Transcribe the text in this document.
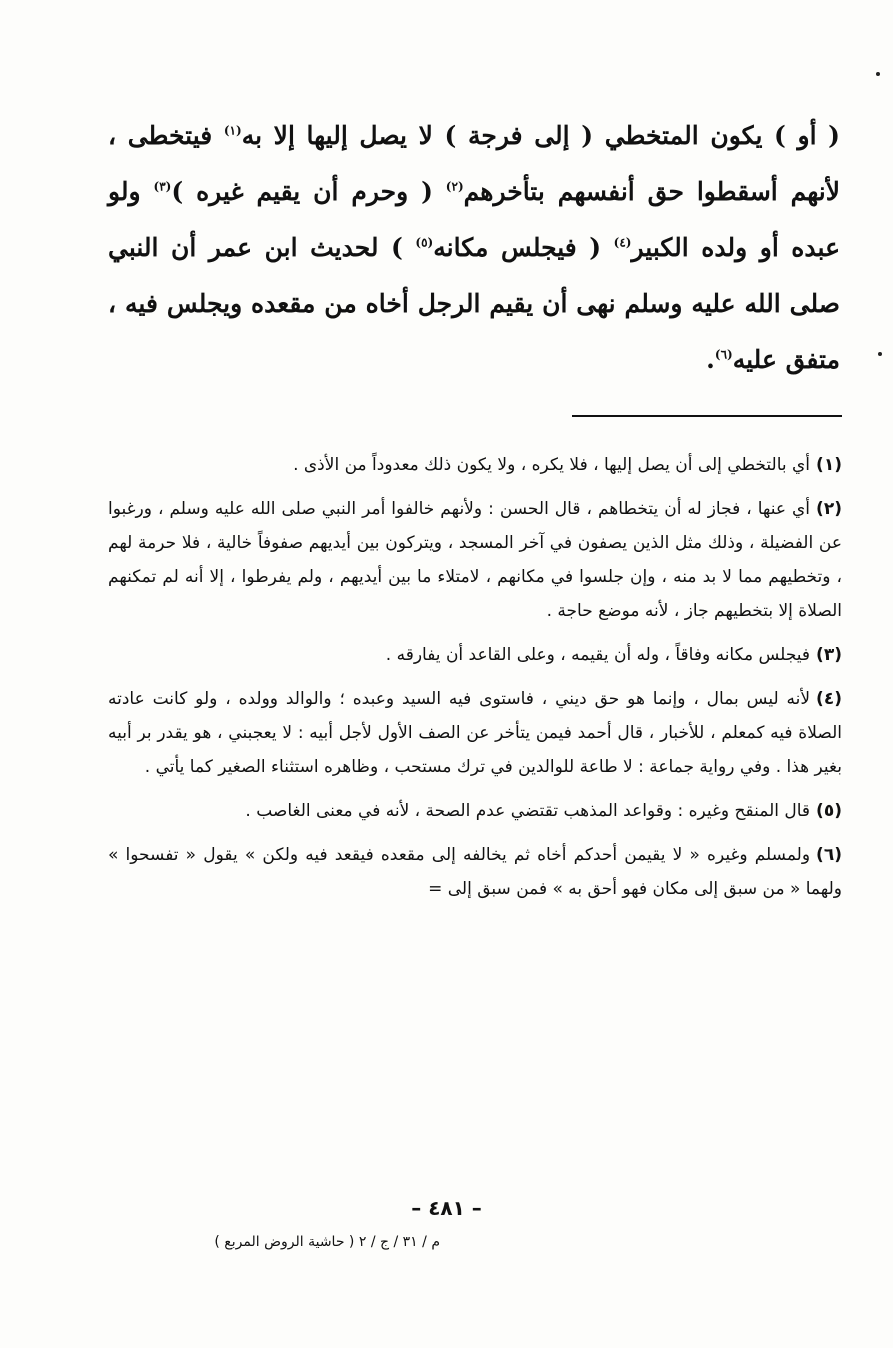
( أو ) يكون المتخطي ( إلى فرجة ) لا يصل إليها إلا به$^{(١)}$ فيتخطى ، لأنهم أسقطوا حق أنفسهم بتأخرهم$^{(٢)}$ ( وحرم أن يقيم غيره )$^{(٣)}$ ولو عبده أو ولده الكبير$^{(٤)}$ ( فيجلس مكانه$^{(٥)}$ ) لحديث ابن عمر أن النبي صلى الله عليه وسلم نهى أن يقيم الرجل أخاه من مقعده ويجلس فيه ، متفق عليه$^{(٦)}$.

(١)أي بالتخطي إلى أن يصل إليها ، فلا يكره ، ولا يكون ذلك معدوداً من الأذى .

(٢)أي عنها ، فجاز له أن يتخطاهم ، قال الحسن : ولأنهم خالفوا أمر النبي صلى الله عليه وسلم ، ورغبوا عن الفضيلة ، وذلك مثل الذين يصفون في آخر المسجد ، ويتركون بين أيديهم صفوفاً خالية ، فلا حرمة لهم ، وتخطيهم مما لا بد منه ، وإن جلسوا في مكانهم ، لامتلاء ما بين أيديهم ، ولم يفرطوا ، إلا أنه لم تمكنهم الصلاة إلا بتخطيهم جاز ، لأنه موضع حاجة .

(٣)فيجلس مكانه وفاقاً ، وله أن يقيمه ، وعلى القاعد أن يفارقه .

(٤)لأنه ليس بمال ، وإنما هو حق ديني ، فاستوى فيه السيد وعبده ؛ والوالد وولده ، ولو كانت عادته الصلاة فيه كمعلم ، للأخبار ، قال أحمد فيمن يتأخر عن الصف الأول لأجل أبيه : لا يعجبني ، هو يقدر بر أبيه بغير هذا . وفي رواية جماعة : لا طاعة للوالدين في ترك مستحب ، وظاهره استثناء الصغير كما يأتي .

(٥)قال المنقح وغيره : وقواعد المذهب تقتضي عدم الصحة ، لأنه في معنى الغاصب .

(٦)ولمسلم وغيره « لا يقيمن أحدكم أخاه ثم يخالفه إلى مقعده فيقعد فيه ولكن » يقول « تفسحوا » ولهما « من سبق إلى مكان فهو أحق به » فمن سبق إلى =

– ٤٨١ –
م / ٣١ / ج / ٢ ( حاشية الروض المربع )
